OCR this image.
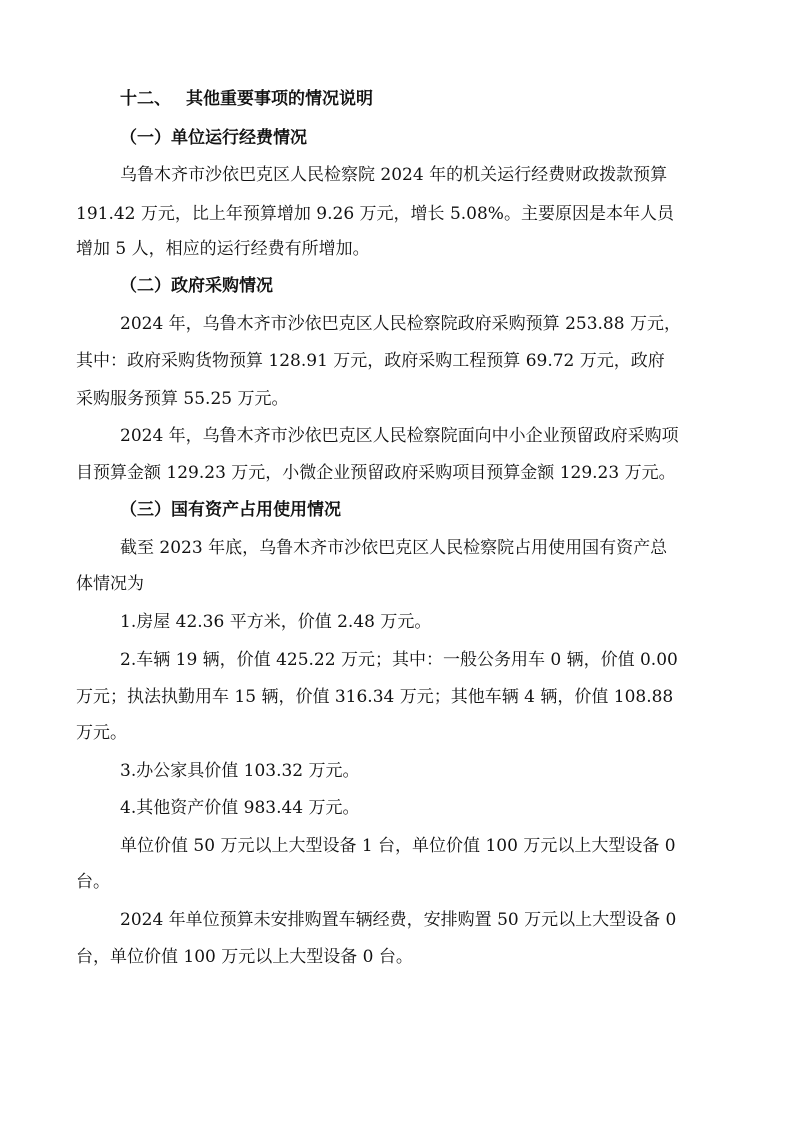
十二、 其他重要事项的情况说明
（一）单位运行经费情况
乌鲁木齐市沙依巴克区人民检察院 2024 年的机关运行经费财政拨款预算
191.42 万元，比上年预算增加 9.26 万元，增长 5.08%。主要原因是本年人员
增加 5 人，相应的运行经费有所增加。
（二）政府采购情况
2024 年，乌鲁木齐市沙依巴克区人民检察院政府采购预算 253.88 万元，
其中：政府采购货物预算 128.91 万元，政府采购工程预算 69.72 万元，政府
采购服务预算 55.25 万元。
2024 年，乌鲁木齐市沙依巴克区人民检察院面向中小企业预留政府采购项
目预算金额 129.23 万元，小微企业预留政府采购项目预算金额 129.23 万元。
（三）国有资产占用使用情况
截至 2023 年底，乌鲁木齐市沙依巴克区人民检察院占用使用国有资产总
体情况为
1.房屋 42.36 平方米，价值 2.48 万元。
2.车辆 19 辆，价值 425.22 万元；其中：一般公务用车 0 辆，价值 0.00
万元；执法执勤用车 15 辆，价值 316.34 万元；其他车辆 4 辆，价值 108.88
万元。
3.办公家具价值 103.32 万元。
4.其他资产价值 983.44 万元。
单位价值 50 万元以上大型设备 1 台，单位价值 100 万元以上大型设备 0
台。
2024 年单位预算未安排购置车辆经费，安排购置 50 万元以上大型设备 0
台，单位价值 100 万元以上大型设备 0 台。
